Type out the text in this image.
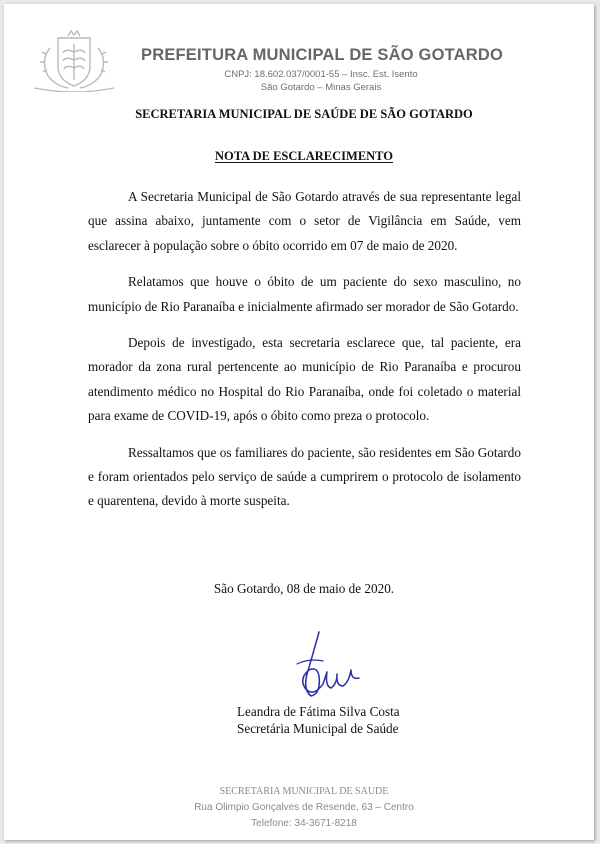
PREFEITURA MUNICIPAL DE SÃO GOTARDO
CNPJ: 18.602.037/0001-55 – Insc. Est. Isento
São Gotardo – Minas Gerais
SECRETARIA MUNICIPAL DE SAÚDE DE SÃO GOTARDO
NOTA DE ESCLARECIMENTO

A Secretaria Municipal de São Gotardo através de sua representante legal que assina abaixo, juntamente com o setor de Vigilância em Saúde, vem esclarecer à população sobre o óbito ocorrido em 07 de maio de 2020.

Relatamos que houve o óbito de um paciente do sexo masculino, no município de Rio Paranaíba e inicialmente afirmado ser morador de São Gotardo.

Depois de investigado, esta secretaria esclarece que, tal paciente, era morador da zona rural pertencente ao município de Rio Paranaíba e procurou atendimento médico no Hospital do Rio Paranaíba, onde foi coletado o material para exame de COVID-19, após o óbito como preza o protocolo.

Ressaltamos que os familiares do paciente, são residentes em São Gotardo e foram orientados pelo serviço de saúde a cumprirem o protocolo de isolamento e quarentena, devido à morte suspeita.

São Gotardo, 08 de maio de 2020.
Leandra de Fátima Silva Costa
Secretária Municipal de Saúde
SECRETARIA MUNICIPAL DE SAUDE
Rua Olimpio Gonçalves de Resende, 63 – Centro
Telefone: 34-3671-8218
